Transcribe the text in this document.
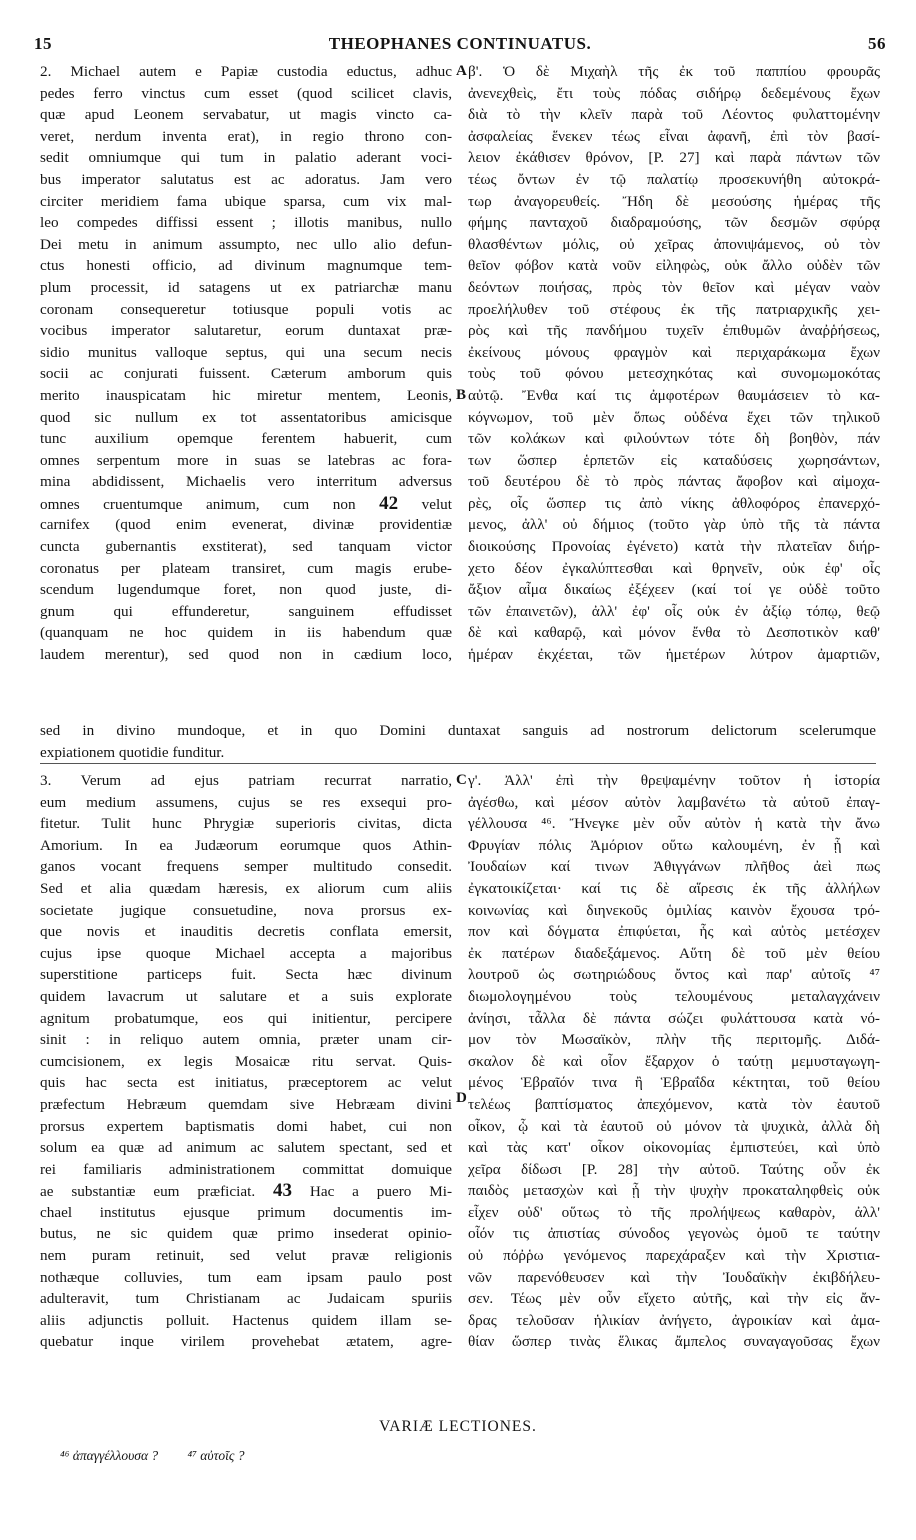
15	THEOPHANES CONTINUATUS.	56
2. Michael autem e Papiæ custodia eductus, adhuc
pedes ferro vinctus cum esset (quod scilicet clavis,
quæ apud Leonem servabatur, ut magis vincto ca-
veret, nerdum inventa erat), in regio throno con-
sedit omniumque qui tum in palatio aderant voci-
bus imperator salutatus est ac adoratus. Jam vero
circiter meridiem fama ubique sparsa, cum vix mal-
leo compedes diffissi essent ; illotis manibus, nullo
Dei metu in animum assumpto, nec ullo alio defun-
ctus honesti officio, ad divinum magnumque tem-
plum processit, id satagens ut ex patriarchæ manu
coronam consequeretur totiusque populi votis ac
vocibus imperator salutaretur, eorum duntaxat præ-
sidio munitus valloque septus, qui una secum necis
socii ac conjurati fuissent. Cæterum amborum quis
merito inauspicatam hic miretur mentem, Leonis,
quod sic nullum ex tot assentatoribus amicisque
tunc auxilium opemque ferentem habuerit, cum
omnes serpentum more in suas se latebras ac fora-
mina abdidissent, Michaelis vero interritum adversus
omnes cruentumque animum, cum non 42 velut
carnifex (quod enim evenerat, divinæ providentiæ
cuncta gubernantis exstiterat), sed tanquam victor
coronatus per plateam transiret, cum magis erube-
scendum lugendumque foret, non quod juste, di-
gnum qui effunderetur, sanguinem effudisset
(quanquam ne hoc quidem in iis habendum quæ
laudem merentur), sed quod non in cædium loco,
β'. Ὁ δὲ Μιχαὴλ τῆς ἐκ τοῦ παππίου φρουρᾶς
ἀνενεχθεὶς, ἔτι τοὺς πόδας σιδήρῳ δεδεμένους ἔχων
διὰ τὸ τὴν κλεῖν παρὰ τοῦ Λέοντος φυλαττομένην
ἀσφαλείας ἕνεκεν τέως εἶναι ἀφανῆ, ἐπὶ τὸν βασί-
λειον ἐκάθισεν θρόνον, [P. 27] καὶ παρὰ πάντων τῶν
τέως ὄντων ἐν τῷ παλατίῳ προσεκυνήθη αὐτοκρά-
τωρ ἀναγορευθείς. Ἤδη δὲ μεσούσης ἡμέρας τῆς
φήμης πανταχοῦ διαδραμούσης, τῶν δεσμῶν σφύρᾳ
θλασθέντων μόλις, οὐ χεῖρας ἀπονιψάμενος, οὐ τὸν
θεῖον φόβον κατὰ νοῦν εἰληφὼς, οὐκ ἄλλο οὐδὲν τῶν
δεόντων ποιήσας, πρὸς τὸν θεῖον καὶ μέγαν ναὸν
προελήλυθεν τοῦ στέφους ἐκ τῆς πατριαρχικῆς χει-
ρὸς καὶ τῆς πανδήμου τυχεῖν ἐπιθυμῶν ἀναῤῥήσεως,
ἐκείνους μόνους φραγμὸν καὶ περιχαράκωμα ἔχων
τοὺς τοῦ φόνου μετεσχηκότας καὶ συνομωμοκότας
αὐτῷ. Ἔνθα καί τις ἀμφοτέρων θαυμάσειεν τὸ κα-
κόγνωμον, τοῦ μὲν ὅπως οὐδένα ἔχει τῶν τηλικοῦ
τῶν κολάκων καὶ φιλούντων τότε δὴ βοηθὸν, πάν
των ὥσπερ ἑρπετῶν εἰς καταδύσεις χωρησάντων,
τοῦ δευτέρου δὲ τὸ πρὸς πάντας ἄφοβον καὶ αἱμοχα-
ρὲς, οἷς ὥσπερ τις ἀπὸ νίκης ἀθλοφόρος ἐπανερχό-
μενος, ἀλλ' οὐ δήμιος (τοῦτο γὰρ ὑπὸ τῆς τὰ πάντα
διοικούσης Προνοίας ἐγένετο) κατὰ τὴν πλατεῖαν διήρ-
χετο δέον ἐγκαλύπτεσθαι καὶ θρηνεῖν, οὐκ ἐφ' οἷς
ἄξιον αἷμα δικαίως ἐξέχεεν (καί τοί γε οὐδὲ τοῦτο
τῶν ἐπαινετῶν), ἀλλ' ἐφ' οἷς οὐκ ἐν ἀξίῳ τόπῳ, θεῷ
δὲ καὶ καθαρῷ, καὶ μόνον ἔνθα τὸ Δεσποτικὸν καθ'
ἡμέραν ἐκχέεται, τῶν ἡμετέρων λύτρον ἀμαρτιῶν,
A
B
sed in divino mundoque, et in quo Domini duntaxat sanguis ad nostrorum delictorum scelerumque
expiationem quotidie funditur.
3. Verum ad ejus patriam recurrat narratio,
eum medium assumens, cujus se res exsequi pro-
fitetur. Tulit hunc Phrygiæ superioris civitas, dicta
Amorium. In ea Judæorum eorumque quos Athin-
ganos vocant frequens semper multitudo consedit.
Sed et alia quædam hæresis, ex aliorum cum aliis
societate jugique consuetudine, nova prorsus ex-
que novis et inauditis decretis conflata emersit,
cujus ipse quoque Michael accepta a majoribus
superstitione particeps fuit. Secta hæc divinum
quidem lavacrum ut salutare et a suis explorate
agnitum probatumque, eos qui initientur, percipere
sinit : in reliquo autem omnia, præter unam cir-
cumcisionem, ex legis Mosaicæ ritu servat. Quis-
quis hac secta est initiatus, præceptorem ac velut
præfectum Hebræum quemdam sive Hebræam divini
prorsus expertem baptismatis domi habet, cui non
solum ea quæ ad animum ac salutem spectant, sed et
rei familiaris administrationem committat domuique
ae substantiæ eum præficiat. 43 Hac a puero Mi-
chael institutus ejusque primum documentis im-
butus, ne sic quidem quæ primo insederat opinio-
nem puram retinuit, sed velut pravæ religionis
nothæque colluvies, tum eam ipsam paulo post
adulteravit, tum Christianam ac Judaicam spuriis
aliis adjunctis polluit. Hactenus quidem illam se-
quebatur inque virilem provehebat ætatem, agre-
γ'. Ἀλλ' ἐπὶ τὴν θρεψαμένην τοῦτον ἡ ἱστορία
ἀγέσθω, καὶ μέσον αὐτὸν λαμβανέτω τὰ αὐτοῦ ἐπαγ-
γέλλουσα ⁴⁶. Ἤνεγκε μὲν οὖν αὐτὸν ἡ κατὰ τὴν ἄνω
Φρυγίαν πόλις Ἀμόριον οὕτω καλουμένη, ἐν ᾗ καὶ
Ἰουδαίων καί τινων Ἀθιγγάνων πλῆθος ἀεὶ πως
ἐγκατοικίζεται· καί τις δὲ αἵρεσις ἐκ τῆς ἀλλήλων
κοινωνίας καὶ διηνεκοῦς ὁμιλίας καινὸν ἔχουσα τρό-
πον καὶ δόγματα ἐπιφύεται, ἧς καὶ αὐτὸς μετέσχεν
ἐκ πατέρων διαδεξάμενος. Αὕτη δὲ τοῦ μὲν θείου
λουτροῦ ὡς σωτηριώδους ὄντος καὶ παρ' αὐτοῖς ⁴⁷
διωμολογημένου τοὺς τελουμένους μεταλαγχάνειν
ἀνίησι, τἆλλα δὲ πάντα σώζει φυλάττουσα κατὰ νό-
μον τὸν Μωσαϊκὸν, πλὴν τῆς περιτομῆς. Διδά-
σκαλον δὲ καὶ οἷον ἔξαρχον ὁ ταύτῃ μεμυσταγωγη-
μένος Ἑβραῖόν τινα ἢ Ἑβραΐδα κέκτηται, τοῦ θείου
τελέως βαπτίσματος ἀπεχόμενον, κατὰ τὸν ἑαυτοῦ
οἶκον, ᾧ καὶ τὰ ἑαυτοῦ οὐ μόνον τὰ ψυχικὰ, ἀλλὰ δὴ
καὶ τὰς κατ' οἶκον οἰκονομίας ἐμπιστεύει, καὶ ὑπὸ
χεῖρα δίδωσι [P. 28] τὴν αὐτοῦ. Ταύτης οὖν ἐκ
παιδὸς μετασχὼν καὶ ᾗ τὴν ψυχὴν προκαταληφθεὶς οὐκ
εἶχεν οὐδ' οὕτως τὸ τῆς προλήψεως καθαρὸν, ἀλλ'
οἷόν τις ἀπιστίας σύνοδος γεγονὼς ὁμοῦ τε ταύτην
οὐ πόῤῥω γενόμενος παρεχάραξεν καὶ τὴν Χριστια-
νῶν παρενόθευσεν καὶ τὴν Ἰουδαϊκὴν ἐκιβδήλευ-
σεν. Τέως μὲν οὖν εἴχετο αὐτῆς, καὶ τὴν εἰς ἄν-
δρας τελοῦσαν ἡλικίαν ἀνήγετο, ἀγροικίαν καὶ ἀμα-
θίαν ὥσπερ τινὰς ἕλικας ἄμπελος συναγαγοῦσας ἔχων
C
D
VARIÆ LECTIONES.
⁴⁶ ἀπαγγέλλουσα ? ⁴⁷ αὐτοῖς ?
